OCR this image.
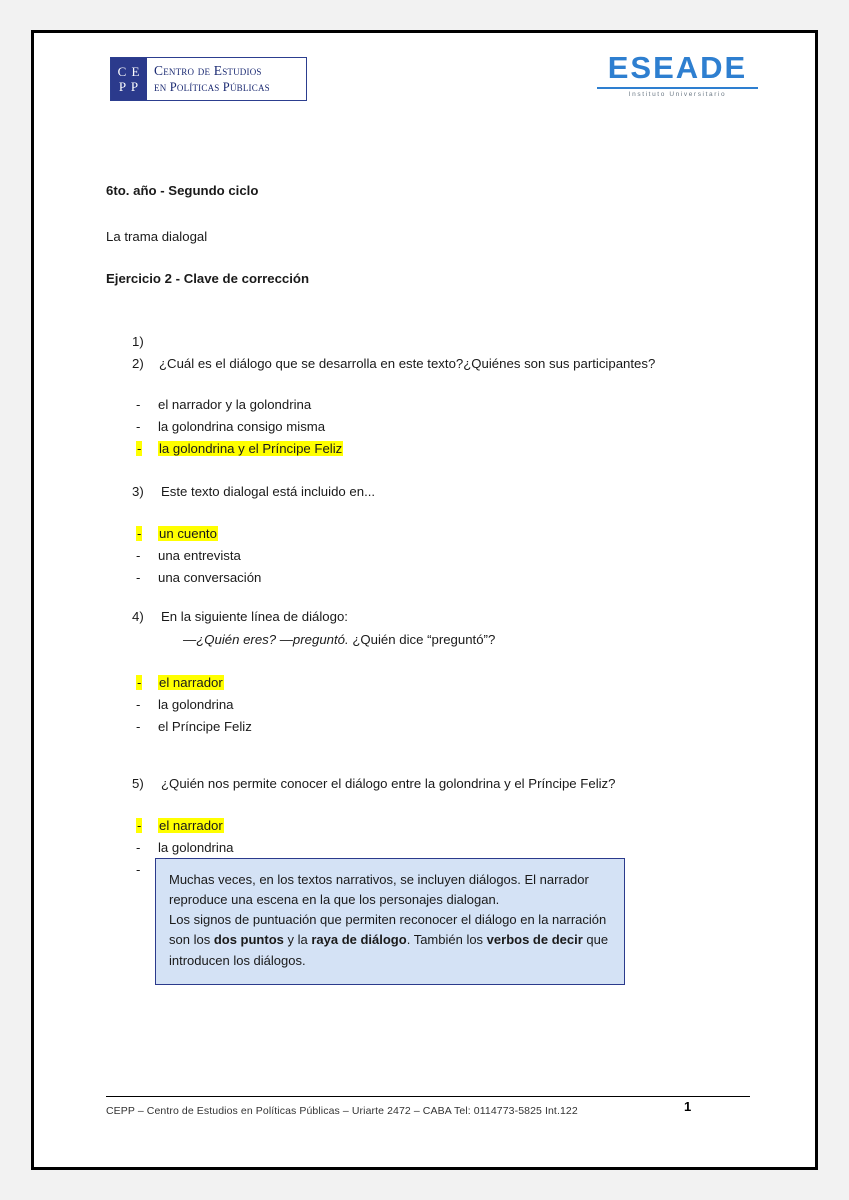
C E
P P
Centro de Estudios
en Políticas Públicas
ESEADE
Instituto Universitario
6to. año - Segundo ciclo
La trama dialogal
Ejercicio 2 - Clave de corrección
1)
2) ¿Cuál es el diálogo que se desarrolla en este texto?¿Quiénes son sus participantes?
- el narrador y la golondrina
- la golondrina consigo misma
- la golondrina y el Príncipe Feliz
3) Este texto dialogal está incluido en...
- un cuento
- una entrevista
- una conversación
4) En la siguiente línea de diálogo:
—¿Quién eres? —preguntó. ¿Quién dice “preguntó”?
- el narrador
- la golondrina
- el Príncipe Feliz
5) ¿Quién nos permite conocer el diálogo entre la golondrina y el Príncipe Feliz?
- el narrador
- la golondrina
-
Muchas veces, en los textos narrativos, se incluyen diálogos. El narrador reproduce una escena en la que los personajes dialogan.
Los signos de puntuación que permiten reconocer el diálogo en la narración son los dos puntos y la raya de diálogo. También los verbos de decir que introducen los diálogos.
CEPP – Centro de Estudios en Políticas Públicas – Uriarte 2472 – CABA Tel: 0114773-5825 Int.122	1
